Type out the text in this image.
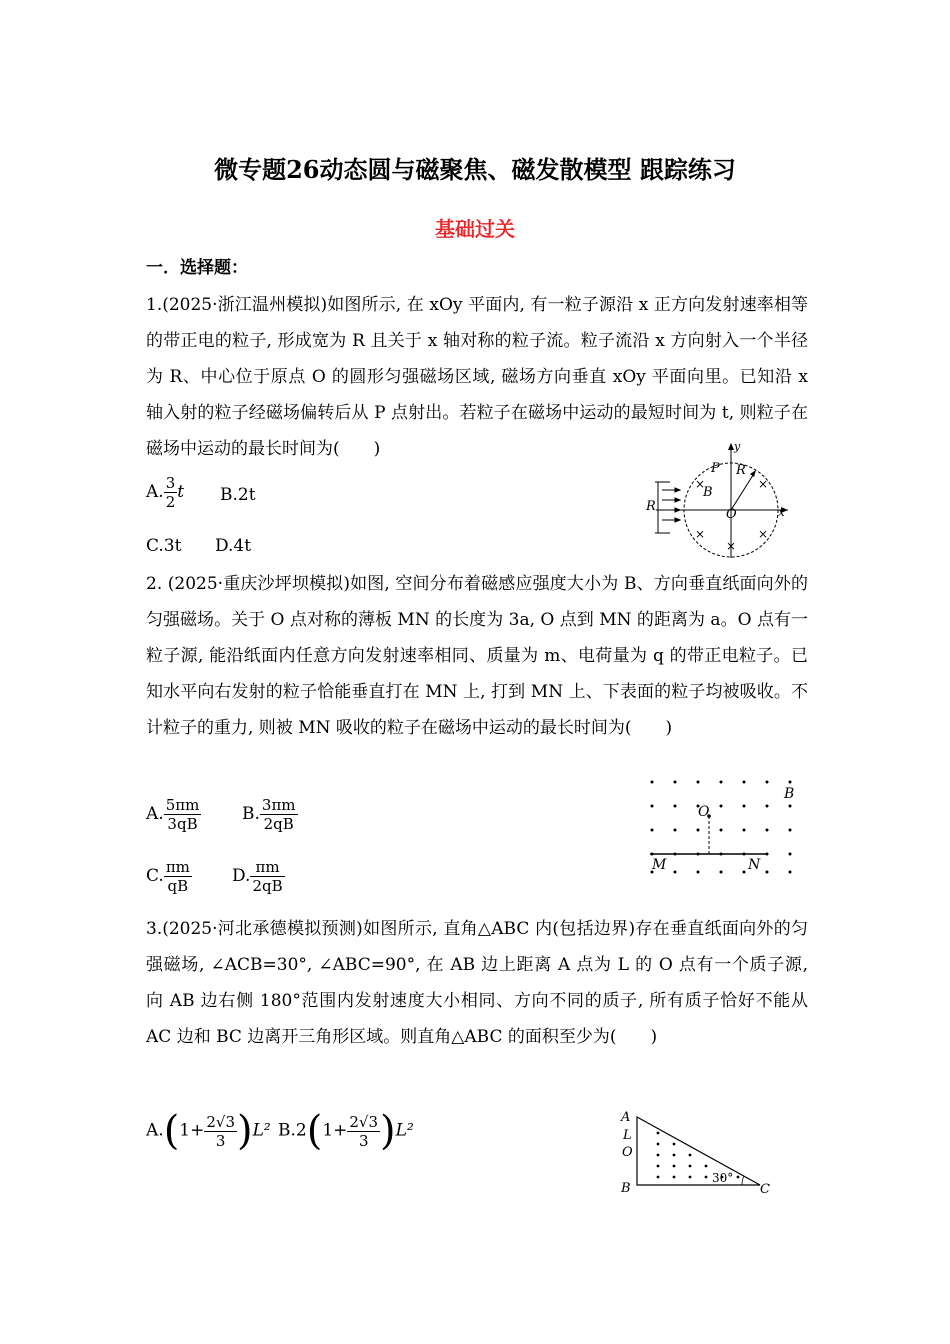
微专题26动态圆与磁聚焦、磁发散模型 跟踪练习
基础过关
一．选择题：
1.(2025·浙江温州模拟)如图所示, 在 xOy 平面内, 有一粒子源沿 x 正方向发射速率相等的带正电的粒子, 形成宽为 R 且关于 x 轴对称的粒子流。粒子流沿 x 方向射入一个半径为 R、中心位于原点 O 的圆形匀强磁场区域, 磁场方向垂直 xOy 平面向里。已知沿 x 轴入射的粒子经磁场偏转后从 P 点射出。若粒子在磁场中运动的最短时间为 t, 则粒子在磁场中运动的最长时间为(　　)
A. $\frac{3}{2}$ t B.2t
C.3t D.4t
×	×
×	×
×
y
x
P R
B
O
R
2. (2025·重庆沙坪坝模拟)如图, 空间分布着磁感应强度大小为 B、方向垂直纸面向外的匀强磁场。关于 O 点对称的薄板 MN 的长度为 3a, O 点到 MN 的距离为 a。O 点有一粒子源, 能沿纸面内任意方向发射速率相同、质量为 m、电荷量为 q 的带正电粒子。已知水平向右发射的粒子恰能垂直打在 MN 上, 打到 MN 上、下表面的粒子均被吸收。不计粒子的重力, 则被 MN 吸收的粒子在磁场中运动的最长时间为(　　)
A. $\frac{5\pi m}{3qB} B$. $\frac{3\pi m}{2qB}$
C. $\frac{\pi m}{qB} D$. $\frac{\pi m}{2qB}$
O
B
M	N
3.(2025·河北承德模拟预测)如图所示, 直角△ABC 内(包括边界)存在垂直纸面向外的匀强磁场, ∠ACB=30°, ∠ABC=90°, 在 AB 边上距离 A 点为 L 的 O 点有一个质子源, 向 AB 边右侧 180°范围内发射速度大小相同、方向不同的质子, 所有质子恰好不能从 AC 边和 BC 边离开三角形区域。则直角△ABC 的面积至少为(　　)
$A.(1+ \frac{2√3}{3} )L^2$ $B.2(1+ \frac{2√3}{3} )L^2$
A
L
O
B	C
30°
